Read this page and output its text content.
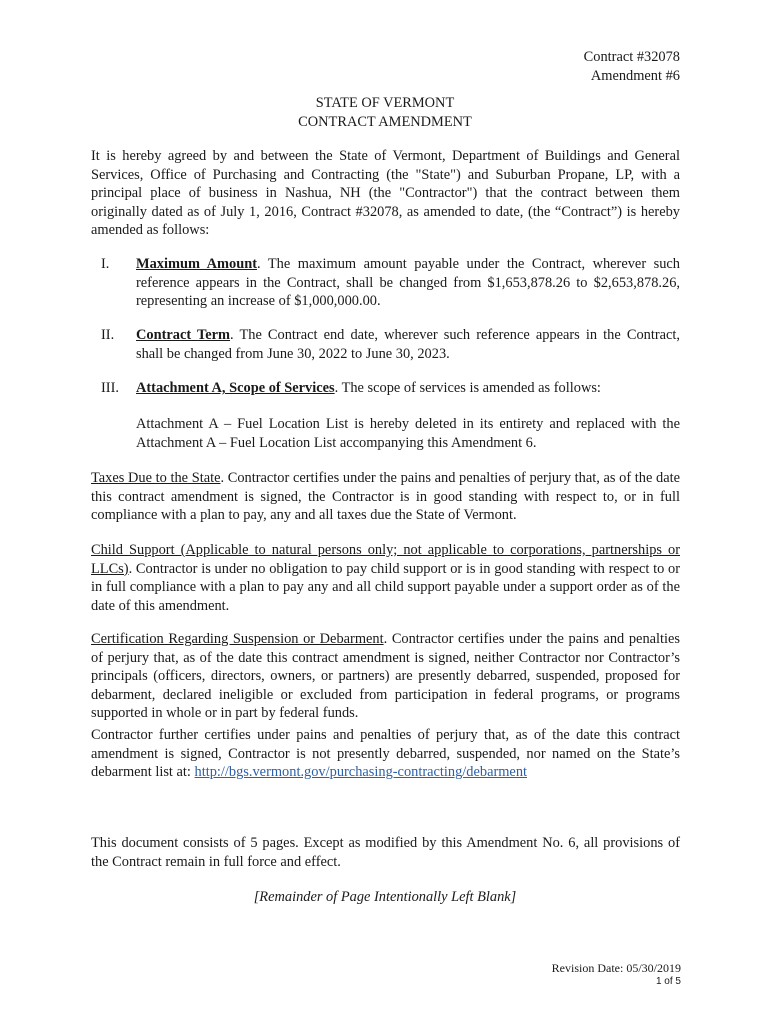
Contract #32078
Amendment #6
STATE OF VERMONT
CONTRACT AMENDMENT
It is hereby agreed by and between the State of Vermont, Department of Buildings and General Services, Office of Purchasing and Contracting (the "State") and Suburban Propane, LP, with a principal place of business in Nashua, NH (the "Contractor") that the contract between them originally dated as of July 1, 2016, Contract #32078, as amended to date, (the “Contract”) is hereby amended as follows:
I. Maximum Amount. The maximum amount payable under the Contract, wherever such reference appears in the Contract, shall be changed from $1,653,878.26 to $2,653,878.26, representing an increase of $1,000,000.00.
II. Contract Term. The Contract end date, wherever such reference appears in the Contract, shall be changed from June 30, 2022 to June 30, 2023.
III. Attachment A, Scope of Services. The scope of services is amended as follows:
Attachment A – Fuel Location List is hereby deleted in its entirety and replaced with the Attachment A – Fuel Location List accompanying this Amendment 6.
Taxes Due to the State. Contractor certifies under the pains and penalties of perjury that, as of the date this contract amendment is signed, the Contractor is in good standing with respect to, or in full compliance with a plan to pay, any and all taxes due the State of Vermont.
Child Support (Applicable to natural persons only; not applicable to corporations, partnerships or LLCs). Contractor is under no obligation to pay child support or is in good standing with respect to or in full compliance with a plan to pay any and all child support payable under a support order as of the date of this amendment.
Certification Regarding Suspension or Debarment. Contractor certifies under the pains and penalties of perjury that, as of the date this contract amendment is signed, neither Contractor nor Contractor’s principals (officers, directors, owners, or partners) are presently debarred, suspended, proposed for debarment, declared ineligible or excluded from participation in federal programs, or programs supported in whole or in part by federal funds.
Contractor further certifies under pains and penalties of perjury that, as of the date this contract amendment is signed, Contractor is not presently debarred, suspended, nor named on the State’s debarment list at: http://bgs.vermont.gov/purchasing-contracting/debarment
This document consists of 5 pages. Except as modified by this Amendment No. 6, all provisions of the Contract remain in full force and effect.
[Remainder of Page Intentionally Left Blank]
Revision Date: 05/30/2019
1 of 5
